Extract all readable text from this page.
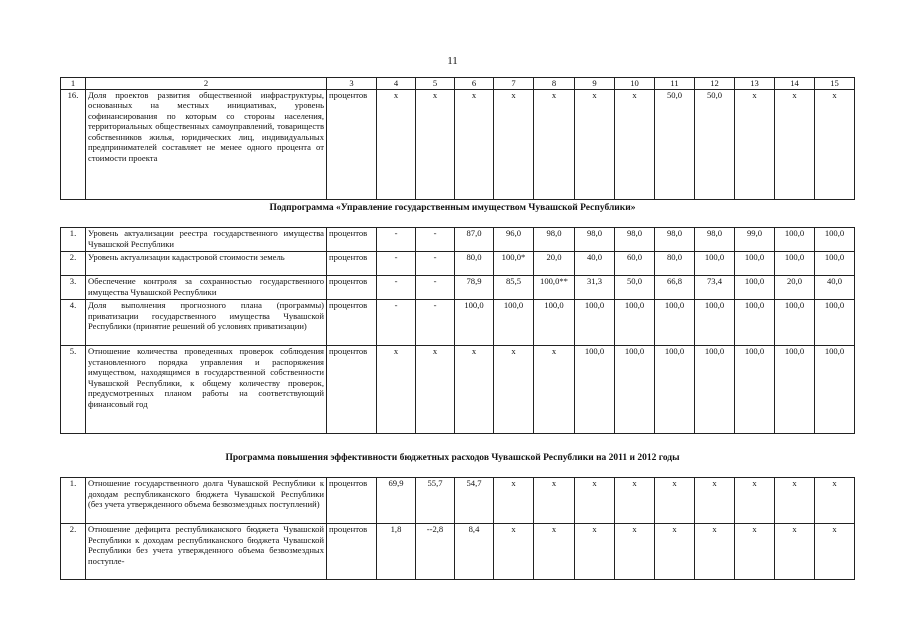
11
1	2	3	4	5	6	7	8	9	10	11	12	13	14	15
16.	Доля проектов развития общественной инфраструктуры, основанных на местных инициативах, уровень софинансирования по которым со стороны населения, территориальных общественных самоуправлений, товариществ собственников жилья, юридических лиц, индивидуальных предпринимателей составляет не менее одного процента от стоимости проекта	процентов	x	x	x	x	x	x	x	50,0	50,0	x	x	x
Подпрограмма «Управление государственным имуществом Чувашской Республики»
1.	Уровень актуализации реестра государственного имущества Чувашской Республики	процентов	-	-	87,0	96,0	98,0	98,0	98,0	98,0	98,0	99,0	100,0	100,0
2.	Уровень актуализации кадастровой стоимости земель	процентов	-	-	80,0	100,0*	20,0	40,0	60,0	80,0	100,0	100,0	100,0	100,0
3.	Обеспечение контроля за сохранностью государственного имущества Чувашской Республики	процентов	-	-	78,9	85,5	100,0**	31,3	50,0	66,8	73,4	100,0	20,0	40,0
4.	Доля выполнения прогнозного плана (программы) приватизации государственного имущества Чувашской Республики (принятие решений об условиях приватизации)	процентов	-	-	100,0	100,0	100,0	100,0	100,0	100,0	100,0	100,0	100,0	100,0
5.	Отношение количества проведенных проверок соблюдения установленного порядка управления и распоряжения имуществом, находящимся в государственной собственности Чувашской Республики, к общему количеству проверок, предусмотренных планом работы на соответствующий финансовый год	процентов	x	x	x	x	x	100,0	100,0	100,0	100,0	100,0	100,0	100,0
Программа повышения эффективности бюджетных расходов Чувашской Республики на 2011 и 2012 годы
1.	Отношение государственного долга Чувашской Республики к доходам республиканского бюджета Чувашской Республики (без учета утвержденного объема безвозмездных поступлений)	процентов	69,9	55,7	54,7	x	x	x	x	x	x	x	x	x
2.	Отношение дефицита республиканского бюджета Чувашской Республики к доходам республиканского бюджета Чувашской Республики без учета утвержденного объема безвозмездных поступле-	процентов	1,8	--2,8	8,4	x	x	x	x	x	x	x	x	x
